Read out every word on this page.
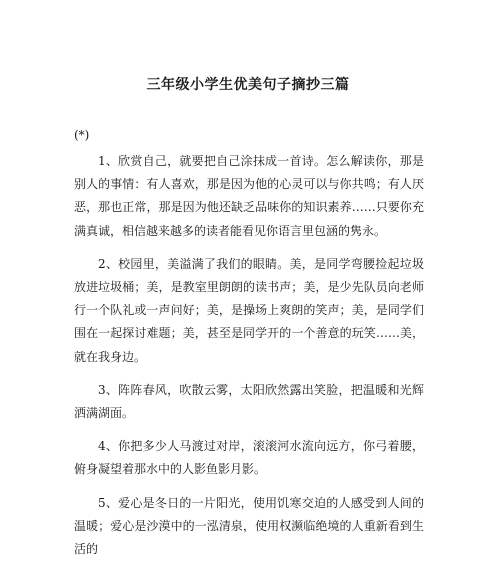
三年级小学生优美句子摘抄三篇
(*)

1、欣赏自己，就要把自己涂抹成一首诗。怎么解读你，那是别人的事情：有人喜欢，那是因为他的心灵可以与你共鸣；有人厌恶，那也正常，那是因为他还缺乏品味你的知识素养……只要你充满真诚，相信越来越多的读者能看见你语言里包涵的隽永。

2、校园里，美溢满了我们的眼睛。美，是同学弯腰捡起垃圾放进垃圾桶；美，是教室里朗朗的读书声；美，是少先队员向老师行一个队礼或一声问好；美，是操场上爽朗的笑声；美，是同学们围在一起探讨难题；美，甚至是同学开的一个善意的玩笑……美，就在我身边。

3、阵阵春风，吹散云雾，太阳欣然露出笑脸，把温暖和光辉洒满湖面。

4、你把多少人马渡过对岸，滚滚河水流向远方，你弓着腰，俯身凝望着那水中的人影鱼影月影。

5、爱心是冬日的一片阳光，使用饥寒交迫的人感受到人间的温暖；爱心是沙漠中的一泓清泉，使用权濒临绝境的人重新看到生活的
